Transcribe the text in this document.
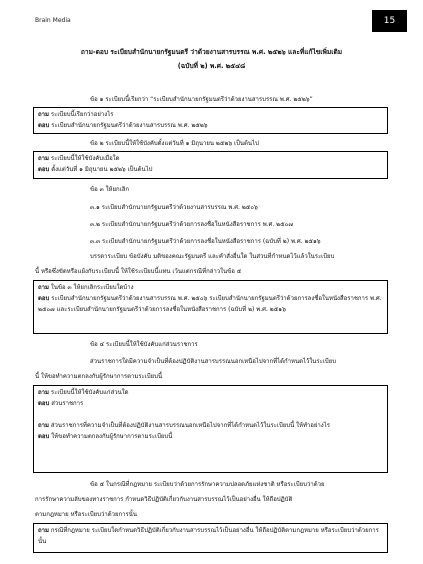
Brain Media	15
ถาม-ตอบ ระเบียบสำนักนายกรัฐมนตรี ว่าด้วยงานสารบรรณ พ.ศ. ๒๕๒๖ และที่แก้ไขเพิ่มเติม
(ฉบับที่ ๒) พ.ศ. ๒๕๔๘
ข้อ ๑ ระเบียบนี้เรียกว่า “ระเบียบสำนักนายกรัฐมนตรีว่าด้วยงานสารบรรณ พ.ศ. ๒๕๒๖”
ถาม ระเบียบนี้เรียกว่าอย่างไร
ตอบ ระเบียบสำนักนายกรัฐมนตรีว่าด้วยงานสารบรรณ พ.ศ. ๒๕๒๖
ข้อ ๒ ระเบียบนี้ให้ใช้บังคับตั้งแต่วันที่ ๑ มิถุนายน ๒๕๒๖ เป็นต้นไป
ถาม ระเบียบนี้ให้ใช้บังคับเมื่อใด
ตอบ ตั้งแต่วันที่ ๑ มิถุนายน ๒๕๒๖ เป็นต้นไป
ข้อ ๓ ให้ยกเลิก
๓.๑ ระเบียบสำนักนายกรัฐมนตรีว่าด้วยงานสารบรรณ พ.ศ. ๒๕๐๖
๓.๒ ระเบียบสำนักนายกรัฐมนตรีว่าด้วยการลงชื่อในหนังสือราชการ พ.ศ. ๒๕๐๗
๓.๓ ระเบียบสำนักนายกรัฐมนตรีว่าด้วยการลงชื่อในหนังสือราชการ (ฉบับที่ ๒) พ.ศ. ๒๕๑๖
บรรดาระเบียบ ข้อบังคับ มติของคณะรัฐมนตรี และคำสั่งอื่นใด ในส่วนที่กำหนดไว้แล้วในระเบียบ
นี้ หรือซึ่งขัดหรือแย้งกับระเบียบนี้ ให้ใช้ระเบียบนี้แทน เว้นแต่กรณีที่กล่าวในข้อ ๕
ถาม ในข้อ ๓ ให้ยกเลิกระเบียบใดบ้าง
ตอบ ระเบียบสำนักนายกรัฐมนตรีว่าด้วยงานสารบรรณ พ.ศ. ๒๕๐๖ ระเบียบสำนักนายกรัฐมนตรีว่าด้วยการลงชื่อในหนังสือราชการ พ.ศ. ๒๕๐๗ และระเบียบสำนักนายกรัฐมนตรีว่าด้วยการลงชื่อในหนังสือราชการ (ฉบับที่ ๒) พ.ศ. ๒๕๑๖
ข้อ ๔ ระเบียบนี้ให้ใช้บังคับแก่ส่วนราชการ
ส่วนราชการใดมีความจำเป็นที่ต้องปฏิบัติงานสารบรรณนอกเหนือไปจากที่ได้กำหนดไว้ในระเบียบ
นี้ ให้ขอทำความตกลงกับผู้รักษาการตามระเบียบนี้
ถาม ระเบียบนี้ให้ใช้บังคับแก่ส่วนใด
ตอบ ส่วนราชการ
ถาม ส่วนราชการที่ความจำเป็นที่ต้องปฏิบัติงานสารบรรณนอกเหนือไปจากที่ได้กำหนดไว้ในระเบียบนี้ ให้ทำอย่างไร
ตอบ ให้ขอทำความตกลงกับผู้รักษาการตามระเบียบนี้
ข้อ ๕ ในกรณีที่กฎหมาย ระเบียบว่าด้วยการรักษาความปลอดภัยแห่งชาติ หรือระเบียบว่าด้วย
การรักษาความลับของทางราชการ กำหนดวิธีปฏิบัติเกี่ยวกับงานสารบรรณไว้เป็นอย่างอื่น ให้ถือปฏิบัติ
ตามกฎหมาย หรือระเบียบว่าด้วยการนั้น
ถาม กรณีที่กฎหมาย ระเบียบใดกำหนดวิธีปฏิบัติเกี่ยวกับงานสารบรรณไว้เป็นอย่างอื่น ให้ถือปฏิบัติตามกฎหมาย หรือระเบียบว่าด้วยการนั้น
